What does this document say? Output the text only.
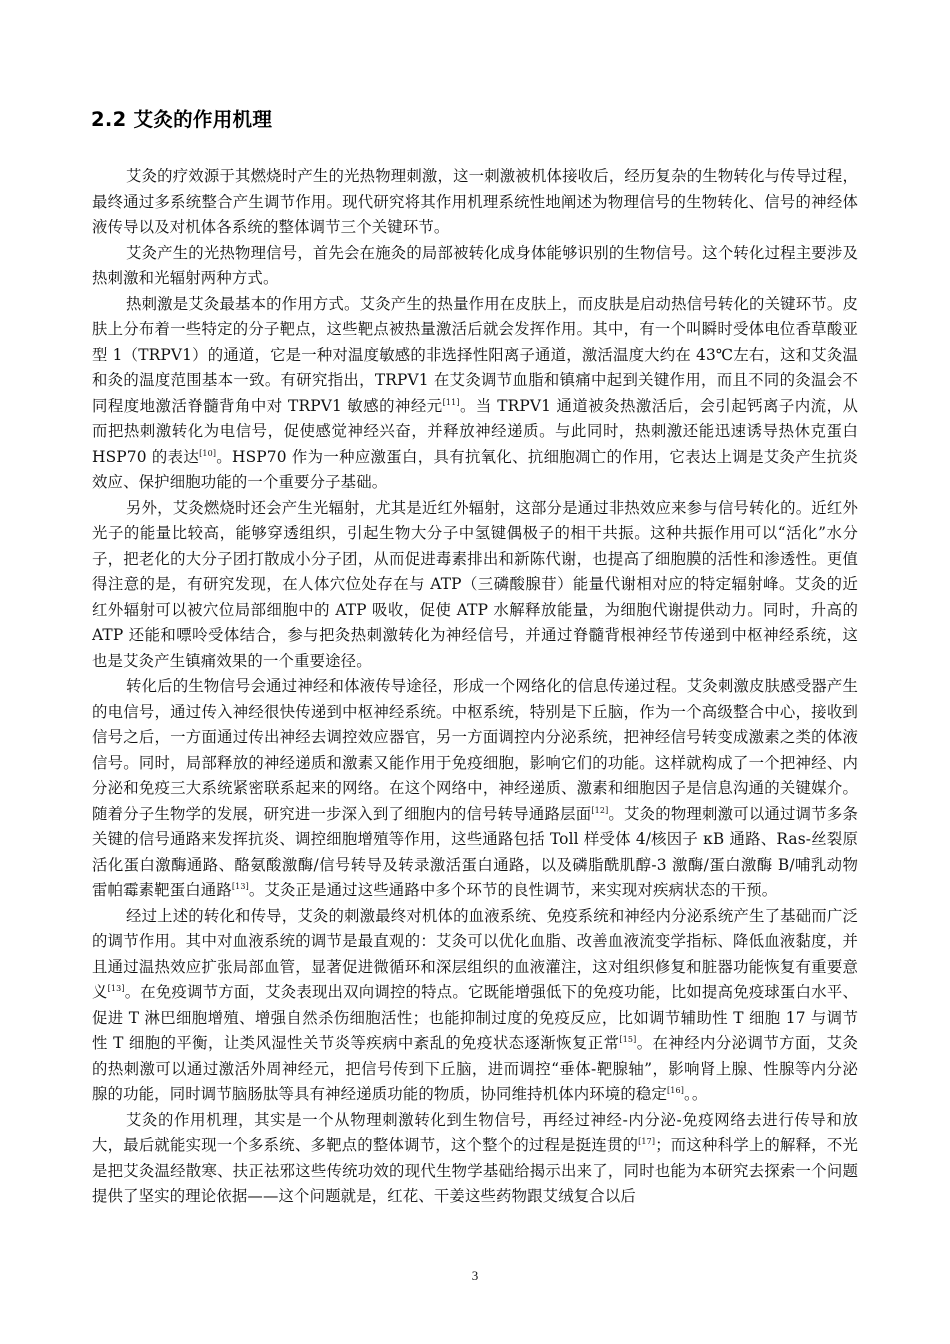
2.2 艾灸的作用机理

艾灸的疗效源于其燃烧时产生的光热物理刺激，这一刺激被机体接收后，经历复杂的生物转化与传导过程，最终通过多系统整合产生调节作用。现代研究将其作用机理系统性地阐述为物理信号的生物转化、信号的神经体液传导以及对机体各系统的整体调节三个关键环节。

艾灸产生的光热物理信号，首先会在施灸的局部被转化成身体能够识别的生物信号。这个转化过程主要涉及热刺激和光辐射两种方式。

热刺激是艾灸最基本的作用方式。艾灸产生的热量作用在皮肤上，而皮肤是启动热信号转化的关键环节。皮肤上分布着一些特定的分子靶点，这些靶点被热量激活后就会发挥作用。其中，有一个叫瞬时受体电位香草酸亚型 1（TRPV1）的通道，它是一种对温度敏感的非选择性阳离子通道，激活温度大约在 43℃左右，这和艾灸温和灸的温度范围基本一致。有研究指出，TRPV1 在艾灸调节血脂和镇痛中起到关键作用，而且不同的灸温会不同程度地激活脊髓背角中对 TRPV1 敏感的神经元[11]。当 TRPV1 通道被灸热激活后，会引起钙离子内流，从而把热刺激转化为电信号，促使感觉神经兴奋，并释放神经递质。与此同时，热刺激还能迅速诱导热休克蛋白 HSP70 的表达[10]。HSP70 作为一种应激蛋白，具有抗氧化、抗细胞凋亡的作用，它表达上调是艾灸产生抗炎效应、保护细胞功能的一个重要分子基础。

另外，艾灸燃烧时还会产生光辐射，尤其是近红外辐射，这部分是通过非热效应来参与信号转化的。近红外光子的能量比较高，能够穿透组织，引起生物大分子中氢键偶极子的相干共振。这种共振作用可以“活化”水分子，把老化的大分子团打散成小分子团，从而促进毒素排出和新陈代谢，也提高了细胞膜的活性和渗透性。更值得注意的是，有研究发现，在人体穴位处存在与 ATP（三磷酸腺苷）能量代谢相对应的特定辐射峰。艾灸的近红外辐射可以被穴位局部细胞中的 ATP 吸收，促使 ATP 水解释放能量，为细胞代谢提供动力。同时，升高的 ATP 还能和嘌呤受体结合，参与把灸热刺激转化为神经信号，并通过脊髓背根神经节传递到中枢神经系统，这也是艾灸产生镇痛效果的一个重要途径。

转化后的生物信号会通过神经和体液传导途径，形成一个网络化的信息传递过程。艾灸刺激皮肤感受器产生的电信号，通过传入神经很快传递到中枢神经系统。中枢系统，特别是下丘脑，作为一个高级整合中心，接收到信号之后，一方面通过传出神经去调控效应器官，另一方面调控内分泌系统，把神经信号转变成激素之类的体液信号。同时，局部释放的神经递质和激素又能作用于免疫细胞，影响它们的功能。这样就构成了一个把神经、内分泌和免疫三大系统紧密联系起来的网络。在这个网络中，神经递质、激素和细胞因子是信息沟通的关键媒介。随着分子生物学的发展，研究进一步深入到了细胞内的信号转导通路层面[12]。艾灸的物理刺激可以通过调节多条关键的信号通路来发挥抗炎、调控细胞增殖等作用，这些通路包括 Toll 样受体 4/核因子 κB 通路、Ras-丝裂原活化蛋白激酶通路、酪氨酸激酶/信号转导及转录激活蛋白通路，以及磷脂酰肌醇-3 激酶/蛋白激酶 B/哺乳动物雷帕霉素靶蛋白通路[13]。艾灸正是通过这些通路中多个环节的良性调节，来实现对疾病状态的干预。

经过上述的转化和传导，艾灸的刺激最终对机体的血液系统、免疫系统和神经内分泌系统产生了基础而广泛的调节作用。其中对血液系统的调节是最直观的：艾灸可以优化血脂、改善血液流变学指标、降低血液黏度，并且通过温热效应扩张局部血管，显著促进微循环和深层组织的血液灌注，这对组织修复和脏器功能恢复有重要意义[13]。在免疫调节方面，艾灸表现出双向调控的特点。它既能增强低下的免疫功能，比如提高免疫球蛋白水平、促进 T 淋巴细胞增殖、增强自然杀伤细胞活性；也能抑制过度的免疫反应，比如调节辅助性 T 细胞 17 与调节性 T 细胞的平衡，让类风湿性关节炎等疾病中紊乱的免疫状态逐渐恢复正常[15]。在神经内分泌调节方面，艾灸的热刺激可以通过激活外周神经元，把信号传到下丘脑，进而调控“垂体-靶腺轴”，影响肾上腺、性腺等内分泌腺的功能，同时调节脑肠肽等具有神经递质功能的物质，协同维持机体内环境的稳定[16]。。

艾灸的作用机理，其实是一个从物理刺激转化到生物信号，再经过神经-内分泌-免疫网络去进行传导和放大，最后就能实现一个多系统、多靶点的整体调节，这个整个的过程是挺连贯的[17]；而这种科学上的解释，不光是把艾灸温经散寒、扶正祛邪这些传统功效的现代生物学基础给揭示出来了，同时也能为本研究去探索一个问题提供了坚实的理论依据——这个问题就是，红花、干姜这些药物跟艾绒复合以后

3
